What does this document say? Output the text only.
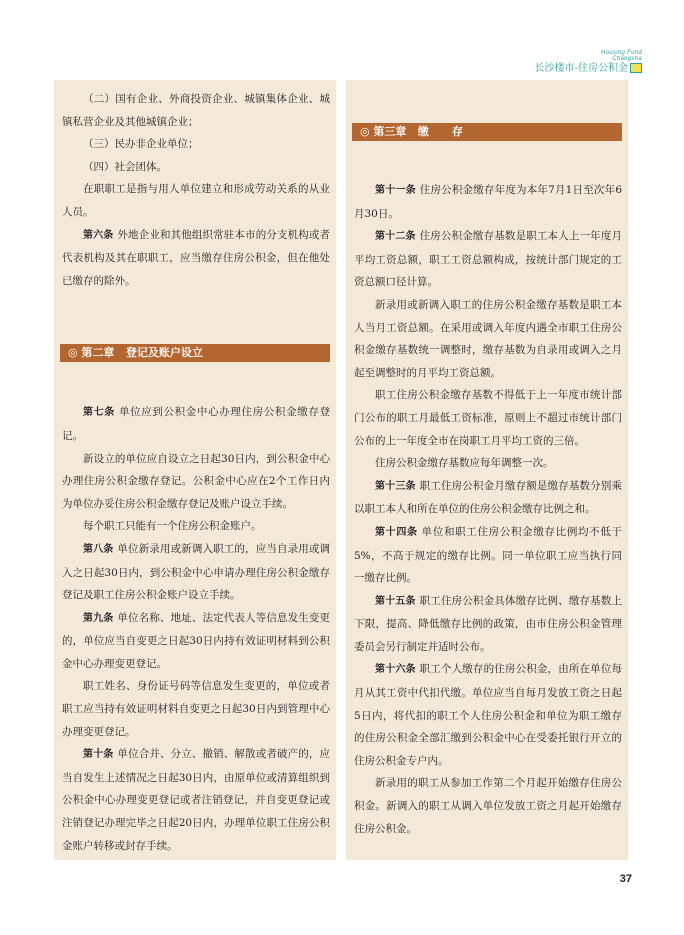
Housing Fund
Changsha
长沙楼市-住房公积金

（二）国有企业、外商投资企业、城镇集体企业、城镇私营企业及其他城镇企业；

（三）民办非企业单位；

（四）社会团体。

在职职工是指与用人单位建立和形成劳动关系的从业人员。

第六条 外地企业和其他组织常驻本市的分支机构或者代表机构及其在职职工，应当缴存住房公积金，但在他处已缴存的除外。

◎ 第二章   登记及账户设立

第七条 单位应到公积金中心办理住房公积金缴存登记。

新设立的单位应自设立之日起30日内，到公积金中心办理住房公积金缴存登记。公积金中心应在2个工作日内为单位办妥住房公积金缴存登记及账户设立手续。

每个职工只能有一个住房公积金账户。

第八条 单位新录用或新调入职工的，应当自录用或调入之日起30日内，到公积金中心申请办理住房公积金缴存登记及职工住房公积金账户设立手续。

第九条 单位名称、地址、法定代表人等信息发生变更的，单位应当自变更之日起30日内持有效证明材料到公积金中心办理变更登记。

职工姓名、身份证号码等信息发生变更的，单位或者职工应当持有效证明材料自变更之日起30日内到管理中心办理变更登记。

第十条 单位合并、分立、撤销、解散或者破产的，应当自发生上述情况之日起30日内，由原单位或清算组织到公积金中心办理变更登记或者注销登记，并自变更登记或注销登记办理完毕之日起20日内，办理单位职工住房公积金账户转移或封存手续。

◎ 第三章   缴      存

第十一条 住房公积金缴存年度为本年7月1日至次年6月30日。

第十二条 住房公积金缴存基数是职工本人上一年度月平均工资总额，职工工资总额构成，按统计部门规定的工资总额口径计算。

新录用或新调入职工的住房公积金缴存基数是职工本人当月工资总额。在采用或调入年度内遇全市职工住房公积金缴存基数统一调整时，缴存基数为自录用或调入之月起至调整时的月平均工资总额。

职工住房公积金缴存基数不得低于上一年度市统计部门公布的职工月最低工资标准，原则上不超过市统计部门公布的上一年度全市在岗职工月平均工资的三倍。

住房公积金缴存基数应每年调整一次。

第十三条 职工住房公积金月缴存额是缴存基数分别乘以职工本人和所在单位的住房公积金缴存比例之和。

第十四条 单位和职工住房公积金缴存比例均不低于5%，不高于规定的缴存比例。同一单位职工应当执行同一缴存比例。

第十五条 职工住房公积金具体缴存比例、缴存基数上下限，提高、降低缴存比例的政策，由市住房公积金管理委员会另行制定并适时公布。

第十六条 职工个人缴存的住房公积金，由所在单位每月从其工资中代扣代缴。单位应当自每月发放工资之日起5日内，将代扣的职工个人住房公积金和单位为职工缴存的住房公积金全部汇缴到公积金中心在受委托银行开立的住房公积金专户内。

新录用的职工从参加工作第二个月起开始缴存住房公积金。新调入的职工从调入单位发放工资之月起开始缴存住房公积金。

37
